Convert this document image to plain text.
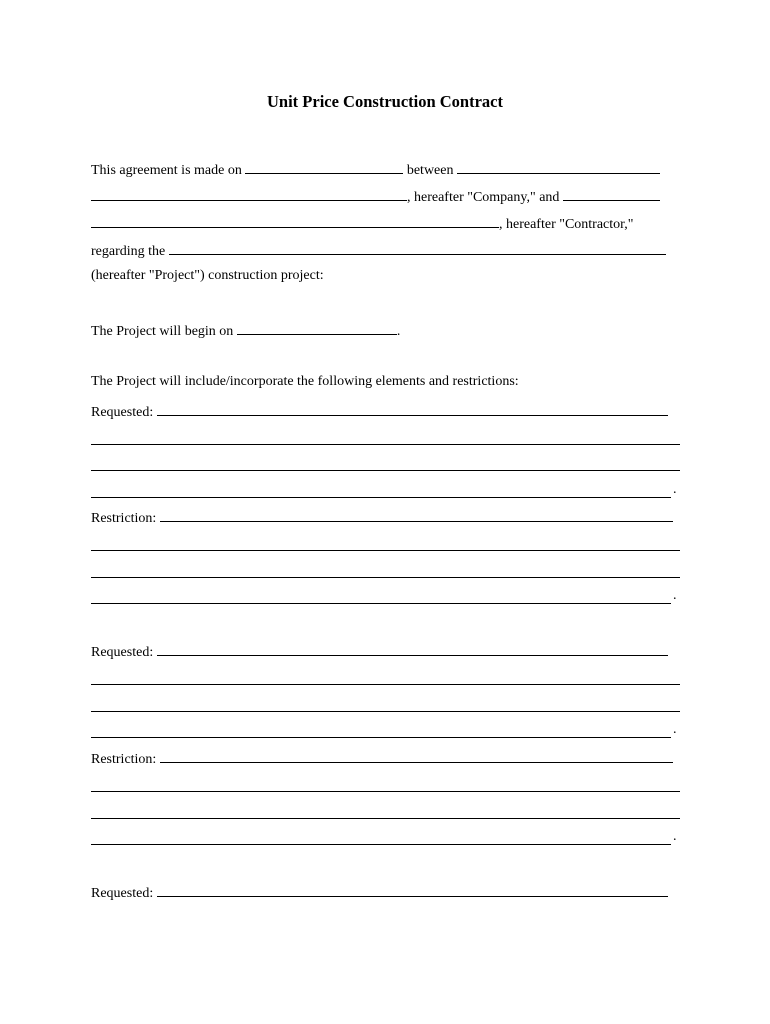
Unit Price Construction Contract
This agreement is made on	between
, hereafter "Company," and
, hereafter "Contractor,"
regarding the
(hereafter "Project") construction project:
The Project will begin on	.
The Project will include/incorporate the following elements and restrictions:
Requested:
.
Restriction:
.
Requested:
.
Restriction:
.
Requested:
